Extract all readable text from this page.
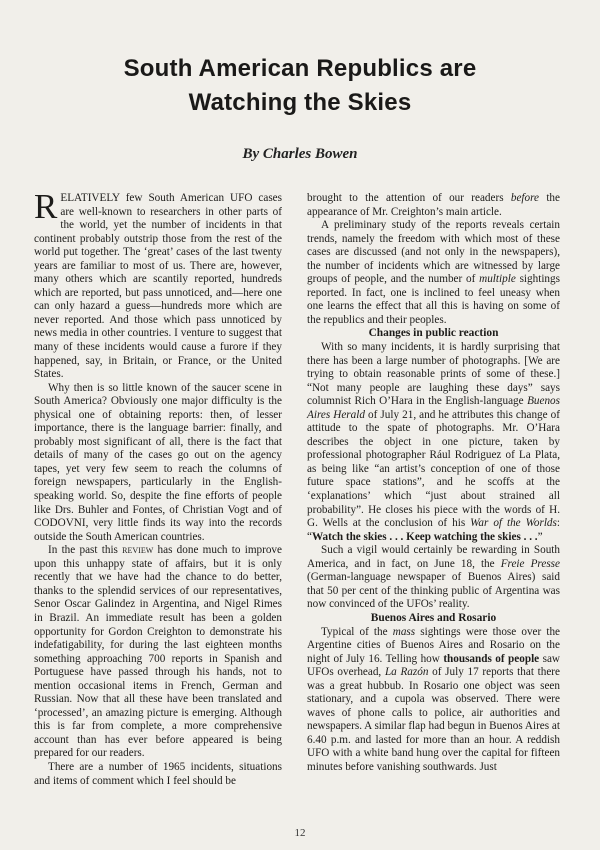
South American Republics are
Watching the Skies
By Charles Bowen

RELATIVELY few South American UFO cases are well-known to researchers in other parts of the world, yet the number of incidents in that continent probably outstrip those from the rest of the world put together. The ‘great’ cases of the last twenty years are familiar to most of us. There are, however, many others which are scantily reported, hundreds which are reported, but pass unnoticed, and—here one can only hazard a guess—hundreds more which are never reported. And those which pass unnoticed by news media in other countries. I venture to suggest that many of these incidents would cause a furore if they happened, say, in Britain, or France, or the United States.

Why then is so little known of the saucer scene in South America? Obviously one major difficulty is the physical one of obtaining reports: then, of lesser importance, there is the language barrier: finally, and probably most significant of all, there is the fact that details of many of the cases go out on the agency tapes, yet very few seem to reach the columns of foreign newspapers, particularly in the English-speaking world. So, despite the fine efforts of people like Drs. Buhler and Fontes, of Christian Vogt and of CODOVNI, very little finds its way into the records outside the South American countries.

In the past this review has done much to improve upon this unhappy state of affairs, but it is only recently that we have had the chance to do better, thanks to the splendid services of our representatives, Senor Oscar Galindez in Argentina, and Nigel Rimes in Brazil. An immediate result has been a golden opportunity for Gordon Creighton to demonstrate his indefatigability, for during the last eighteen months something approaching 700 reports in Spanish and Portuguese have passed through his hands, not to mention occasional items in French, German and Russian. Now that all these have been translated and ‘processed’, an amazing picture is emerging. Although this is far from complete, a more comprehensive account than has ever before appeared is being prepared for our readers.

There are a number of 1965 incidents, situations and items of comment which I feel should be

brought to the attention of our readers before the appearance of Mr. Creighton’s main article.

A preliminary study of the reports reveals certain trends, namely the freedom with which most of these cases are discussed (and not only in the newspapers), the number of incidents which are witnessed by large groups of people, and the number of multiple sightings reported. In fact, one is inclined to feel uneasy when one learns the effect that all this is having on some of the republics and their peoples.

Changes in public reaction

With so many incidents, it is hardly surprising that there has been a large number of photographs. [We are trying to obtain reasonable prints of some of these.] “Not many people are laughing these days” says columnist Rich O’Hara in the English-language Buenos Aires Herald of July 21, and he attributes this change of attitude to the spate of photographs. Mr. O’Hara describes the object in one picture, taken by professional photographer Rául Rodriguez of La Plata, as being like “an artist’s conception of one of those future space stations”, and he scoffs at the ‘explanations’ which “just about strained all probability”. He closes his piece with the words of H. G. Wells at the conclusion of his War of the Worlds: “Watch the skies . . . Keep watching the skies . . .”

Such a vigil would certainly be rewarding in South America, and in fact, on June 18, the Freie Presse (German-language newspaper of Buenos Aires) said that 50 per cent of the thinking public of Argentina was now convinced of the UFOs’ reality.

Buenos Aires and Rosario

Typical of the mass sightings were those over the Argentine cities of Buenos Aires and Rosario on the night of July 16. Telling how thousands of people saw UFOs overhead, La Razón of July 17 reports that there was a great hubbub. In Rosario one object was seen stationary, and a cupola was observed. There were waves of phone calls to police, air authorities and newspapers. A similar flap had begun in Buenos Aires at 6.40 p.m. and lasted for more than an hour. A reddish UFO with a white band hung over the capital for fifteen minutes before vanishing southwards. Just

12
